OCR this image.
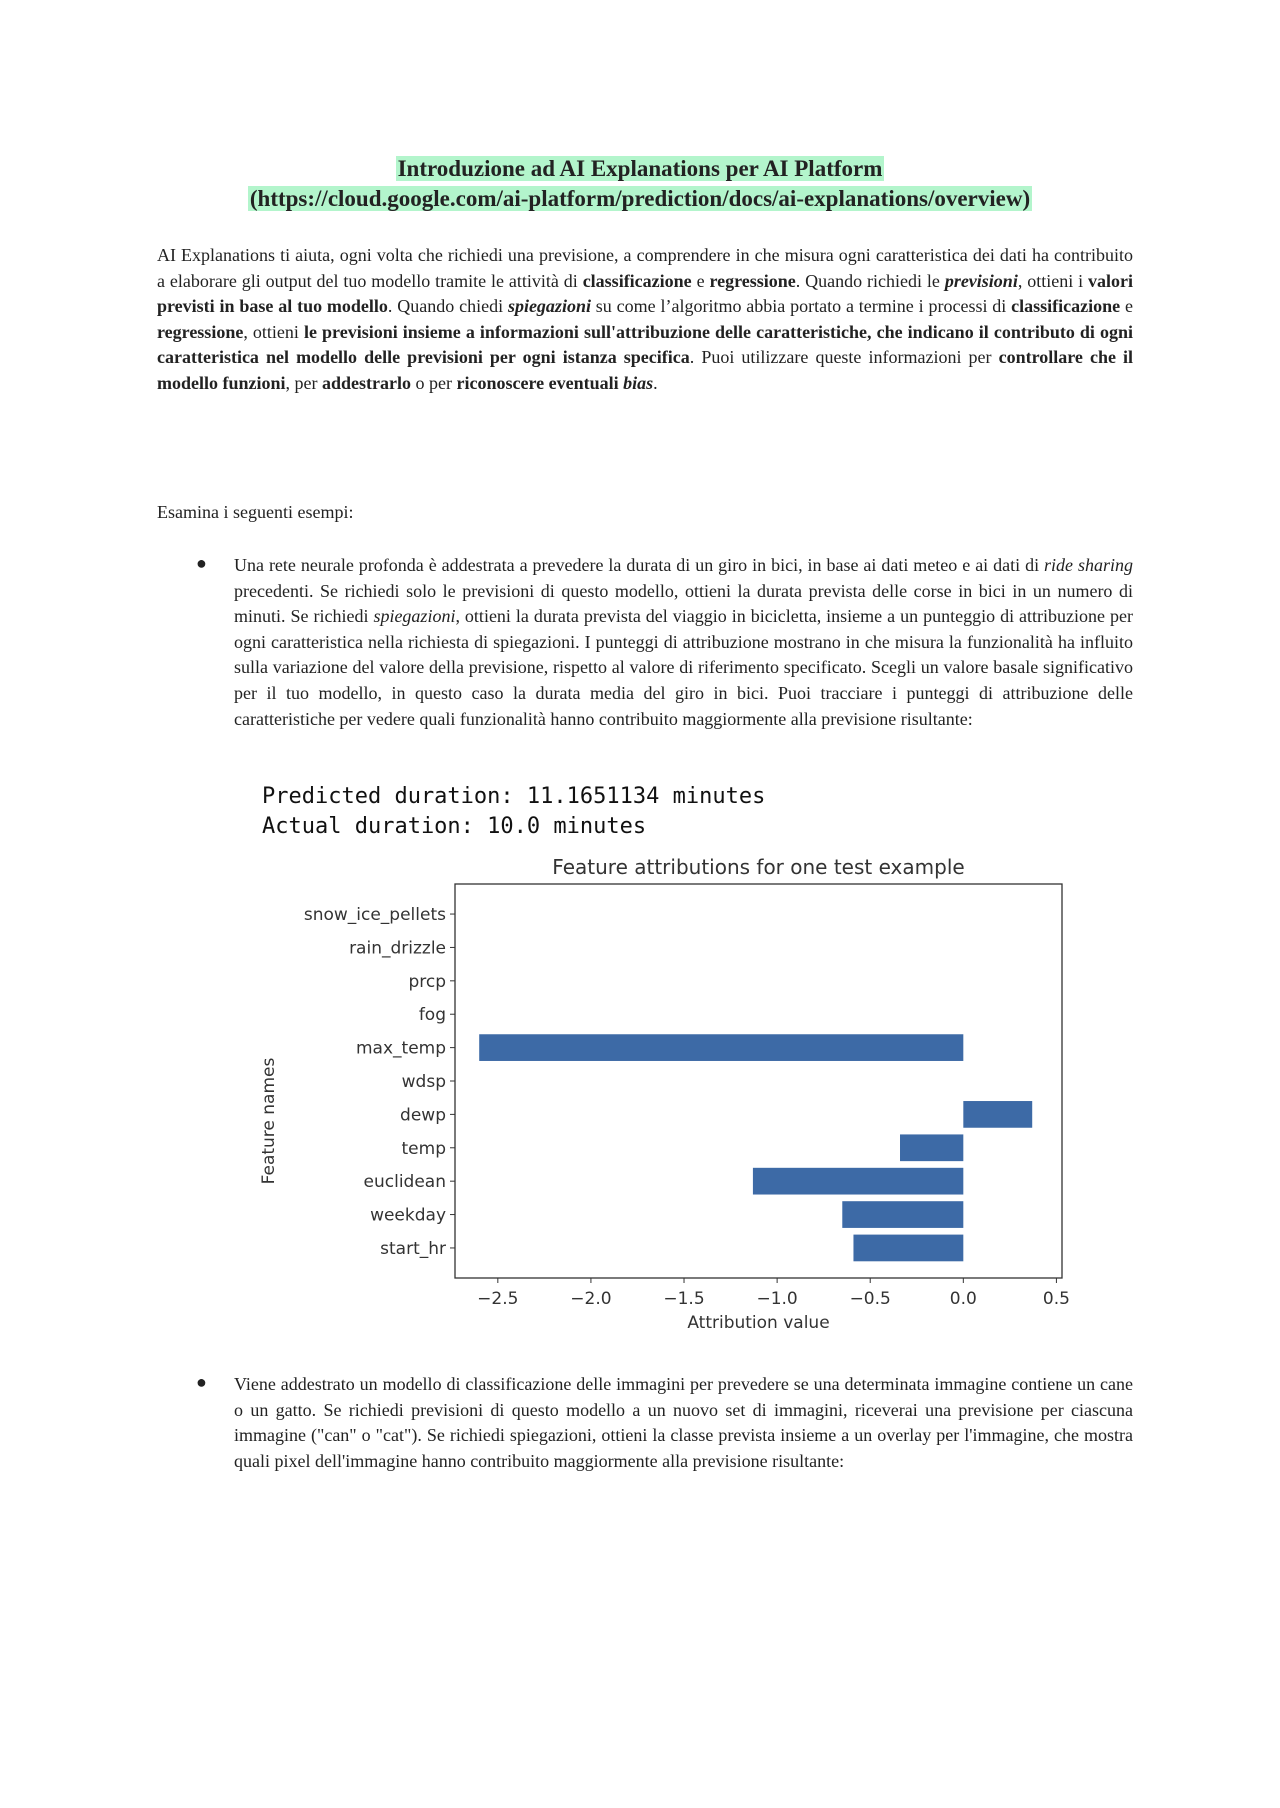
Introduzione ad AI Explanations per AI Platform
(https://cloud.google.com/ai-platform/prediction/docs/ai-explanations/overview)
AI Explanations ti aiuta, ogni volta che richiedi una previsione, a comprendere in che misura ogni caratteristica dei dati ha contribuito a elaborare gli output del tuo modello tramite le attività di classificazione e regressione. Quando richiedi le previsioni, ottieni i valori previsti in base al tuo modello. Quando chiedi spiegazioni su come l’algoritmo abbia portato a termine i processi di classificazione e regressione, ottieni le previsioni insieme a informazioni sull'attribuzione delle caratteristiche, che indicano il contributo di ogni caratteristica nel modello delle previsioni per ogni istanza specifica. Puoi utilizzare queste informazioni per controllare che il modello funzioni, per addestrarlo o per riconoscere eventuali bias.
Esamina i seguenti esempi:
● Una rete neurale profonda è addestrata a prevedere la durata di un giro in bici, in base ai dati meteo e ai dati di ride sharing precedenti. Se richiedi solo le previsioni di questo modello, ottieni la durata prevista delle corse in bici in un numero di minuti. Se richiedi spiegazioni, ottieni la durata prevista del viaggio in bicicletta, insieme a un punteggio di attribuzione per ogni caratteristica nella richiesta di spiegazioni. I punteggi di attribuzione mostrano in che misura la funzionalità ha influito sulla variazione del valore della previsione, rispetto al valore di riferimento specificato. Scegli un valore basale significativo per il tuo modello, in questo caso la durata media del giro in bici. Puoi tracciare i punteggi di attribuzione delle caratteristiche per vedere quali funzionalità hanno contribuito maggiormente alla previsione risultante:
Predicted duration: 11.1651134 minutes
Actual duration: 10.0 minutes
Feature attributions for one test example
snow_ice_pellets
rain_drizzle
prcp
fog
max_temp
wdsp
dewp
temp
euclidean
weekday
start_hr
−2.5	−2.0	−1.5	−1.0	−0.5	0.0	0.5
Attribution value
Feature names
● Viene addestrato un modello di classificazione delle immagini per prevedere se una determinata immagine contiene un cane o un gatto. Se richiedi previsioni di questo modello a un nuovo set di immagini, riceverai una previsione per ciascuna immagine ("can" o "cat"). Se richiedi spiegazioni, ottieni la classe prevista insieme a un overlay per l'immagine, che mostra quali pixel dell'immagine hanno contribuito maggiormente alla previsione risultante:
